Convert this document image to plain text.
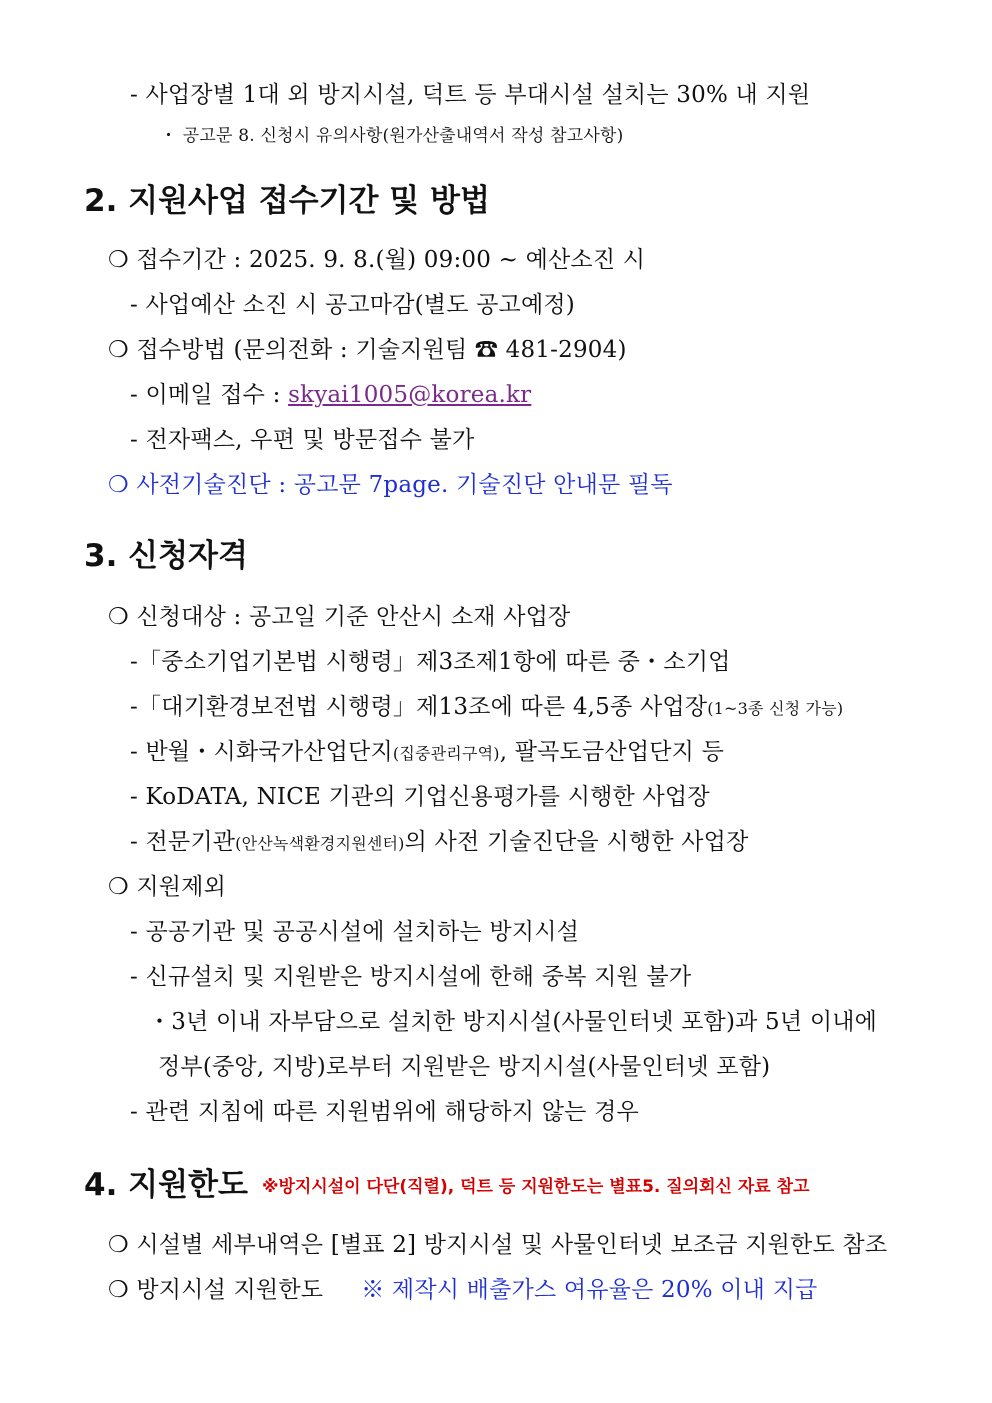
- 사업장별 1대 외 방지시설, 덕트 등 부대시설 설치는 30% 내 지원
・ 공고문 8. 신청시 유의사항(원가산출내역서 작성 참고사항)
2. 지원사업 접수기간 및 방법
❍ 접수기간 : 2025. 9. 8.(월) 09:00 ~ 예산소진 시
- 사업예산 소진 시 공고마감(별도 공고예정)
❍ 접수방법 (문의전화 : 기술지원팀 ☎ 481-2904)
- 이메일 접수 : skyai1005@korea.kr
- 전자팩스, 우편 및 방문접수 불가
❍ 사전기술진단 : 공고문 7page. 기술진단 안내문 필독
3. 신청자격
❍ 신청대상 : 공고일 기준 안산시 소재 사업장
-「중소기업기본법 시행령」제3조제1항에 따른 중・소기업
-「대기환경보전법 시행령」제13조에 따른 4,5종 사업장(1~3종 신청 가능)
- 반월・시화국가산업단지(집중관리구역), 팔곡도금산업단지 등
- KoDATA, NICE 기관의 기업신용평가를 시행한 사업장
- 전문기관(안산녹색환경지원센터)의 사전 기술진단을 시행한 사업장
❍ 지원제외
- 공공기관 및 공공시설에 설치하는 방지시설
- 신규설치 및 지원받은 방지시설에 한해 중복 지원 불가
・3년 이내 자부담으로 설치한 방지시설(사물인터넷 포함)과 5년 이내에
정부(중앙, 지방)로부터 지원받은 방지시설(사물인터넷 포함)
- 관련 지침에 따른 지원범위에 해당하지 않는 경우
4. 지원한도 ※방지시설이 다단(직렬), 덕트 등 지원한도는 별표5. 질의회신 자료 참고
❍ 시설별 세부내역은 [별표 2] 방지시설 및 사물인터넷 보조금 지원한도 참조
❍ 방지시설 지원한도 ※ 제작시 배출가스 여유율은 20% 이내 지급
